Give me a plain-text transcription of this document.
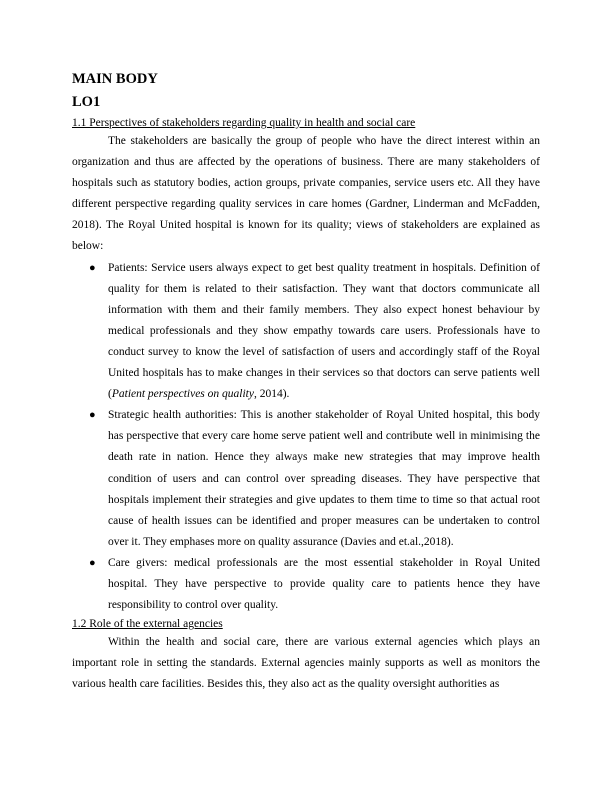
MAIN BODY
LO1
1.1 Perspectives of stakeholders regarding quality in health and social care

The stakeholders are basically the group of people who have the direct interest within an organization and thus are affected by the operations of business. There are many stakeholders of hospitals such as statutory bodies, action groups, private companies, service users etc. All they have different perspective regarding quality services in care homes (Gardner, Linderman and McFadden, 2018). The Royal United hospital is known for its quality; views of stakeholders are explained as below:

● Patients: Service users always expect to get best quality treatment in hospitals. Definition of quality for them is related to their satisfaction. They want that doctors communicate all information with them and their family members. They also expect honest behaviour by medical professionals and they show empathy towards care users. Professionals have to conduct survey to know the level of satisfaction of users and accordingly staff of the Royal United hospitals has to make changes in their services so that doctors can serve patients well (Patient perspectives on quality, 2014).
● Strategic health authorities: This is another stakeholder of Royal United hospital, this body has perspective that every care home serve patient well and contribute well in minimising the death rate in nation. Hence they always make new strategies that may improve health condition of users and can control over spreading diseases. They have perspective that hospitals implement their strategies and give updates to them time to time so that actual root cause of health issues can be identified and proper measures can be undertaken to control over it. They emphases more on quality assurance (Davies and et.al.,2018).
● Care givers: medical professionals are the most essential stakeholder in Royal United hospital. They have perspective to provide quality care to patients hence they have responsibility to control over quality.
1.2 Role of the external agencies

Within the health and social care, there are various external agencies which plays an important role in setting the standards. External agencies mainly supports as well as monitors the various health care facilities. Besides this, they also act as the quality oversight authorities as
